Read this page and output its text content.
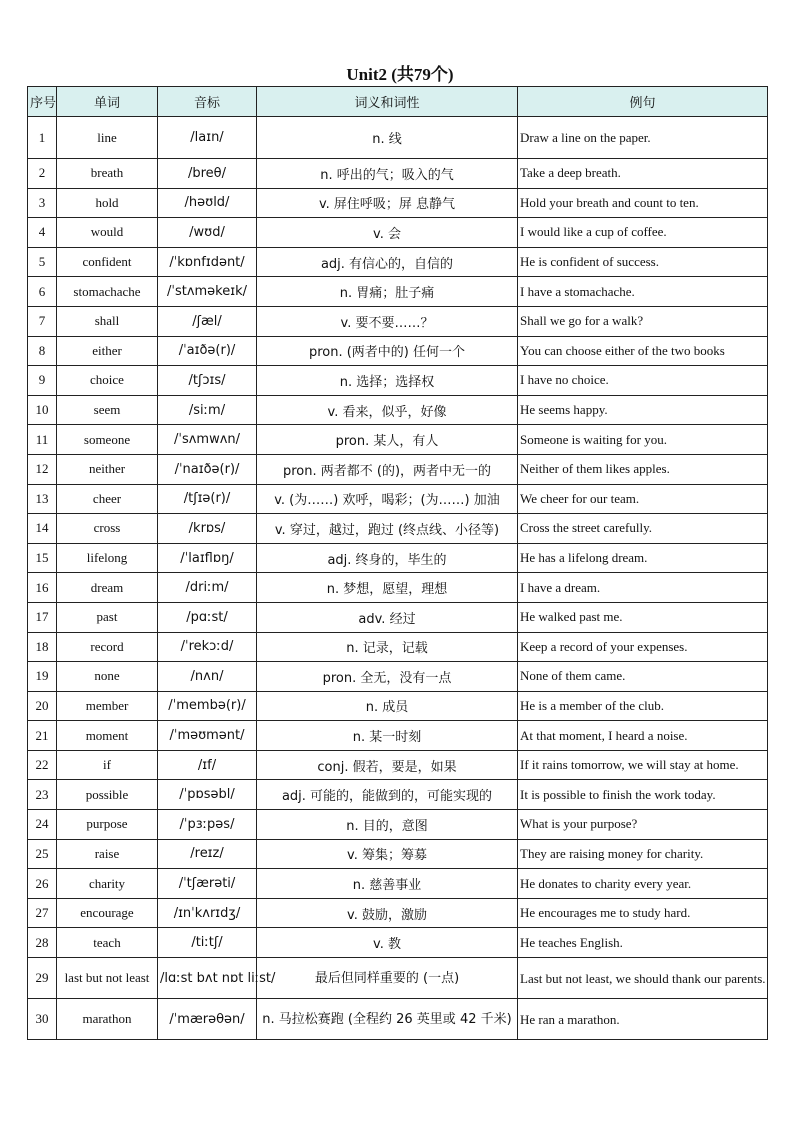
Unit2 (共79个)
序号	单词	音标	词义和词性	例句
1	line	/laɪn/	n. 线	Draw a line on the paper.
2	breath	/breθ/	n. 呼出的气；吸入的气	Take a deep breath.
3	hold	/həʊld/	v. 屏住呼吸；屏 息静气	Hold your breath and count to ten.
4	would	/wʊd/	v. 会	I would like a cup of coffee.
5	confident	/ˈkɒnfɪdənt/	adj. 有信心的，自信的	He is confident of success.
6	stomachache	/ˈstʌməkeɪk/	n. 胃痛；肚子痛	I have a stomachache.
7	shall	/ʃæl/	v. 要不要……？	Shall we go for a walk?
8	either	/ˈaɪðə(r)/	pron. (两者中的) 任何一个	You can choose either of the two books
9	choice	/tʃɔɪs/	n. 选择；选择权	I have no choice.
10	seem	/siːm/	v. 看来，似乎，好像	He seems happy.
11	someone	/ˈsʌmwʌn/	pron. 某人，有人	Someone is waiting for you.
12	neither	/ˈnaɪðə(r)/	pron. 两者都不 (的)，两者中无一的	Neither of them likes apples.
13	cheer	/tʃɪə(r)/	v. (为……) 欢呼，喝彩；(为……) 加油	We cheer for our team.
14	cross	/krɒs/	v. 穿过，越过，跑过 (终点线、小径等)	Cross the street carefully.
15	lifelong	/ˈlaɪflɒŋ/	adj. 终身的，毕生的	He has a lifelong dream.
16	dream	/driːm/	n. 梦想，愿望，理想	I have a dream.
17	past	/pɑːst/	adv. 经过	He walked past me.
18	record	/ˈrekɔːd/	n. 记录，记载	Keep a record of your expenses.
19	none	/nʌn/	pron. 全无，没有一点	None of them came.
20	member	/ˈmembə(r)/	n. 成员	He is a member of the club.
21	moment	/ˈməʊmənt/	n. 某一时刻	At that moment, I heard a noise.
22	if	/ɪf/	conj. 假若，要是，如果	If it rains tomorrow, we will stay at home.
23	possible	/ˈpɒsəbl/	adj. 可能的，能做到的，可能实现的	It is possible to finish the work today.
24	purpose	/ˈpɜːpəs/	n. 目的，意图	What is your purpose?
25	raise	/reɪz/	v. 筹集；筹募	They are raising money for charity.
26	charity	/ˈtʃærəti/	n. 慈善事业	He donates to charity every year.
27	encourage	/ɪnˈkʌrɪdʒ/	v. 鼓励，激励	He encourages me to study hard.
28	teach	/tiːtʃ/	v. 教	He teaches English.
29	last but not least	/lɑːst bʌt nɒt liːst/	最后但同样重要的 (一点)	Last but not least, we should thank our parents.
30	marathon	/ˈmærəθən/	n. 马拉松赛跑 (全程约 26 英里或 42 千米)	He ran a marathon.
